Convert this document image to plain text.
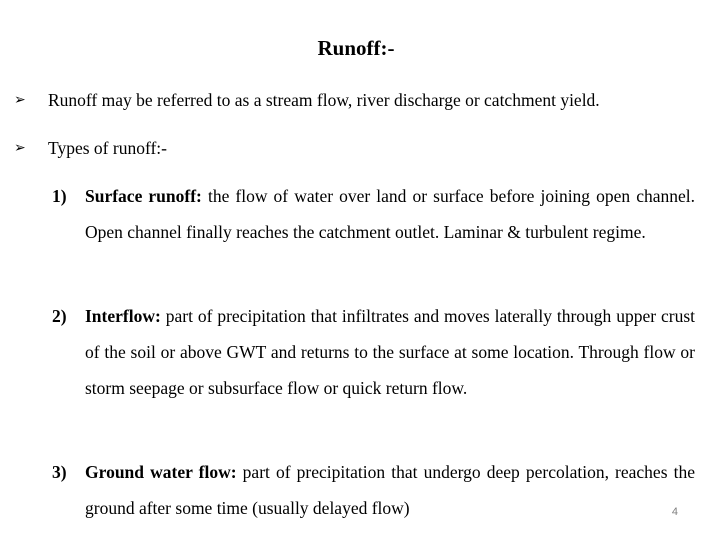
Runoff:-
➢	Runoff may be referred to as a stream flow, river discharge or catchment yield.
➢	Types of runoff:-
1)	Surface runoff: the flow of water over land or surface before joining open channel. Open channel finally reaches the catchment outlet. Laminar & turbulent regime.
2)	Interflow: part of precipitation that infiltrates and moves laterally through upper crust of the soil or above GWT and returns to the surface at some location. Through flow or storm seepage or subsurface flow or quick return flow.
3)	Ground water flow: part of precipitation that undergo deep percolation, reaches the ground after some time (usually delayed flow)	4
